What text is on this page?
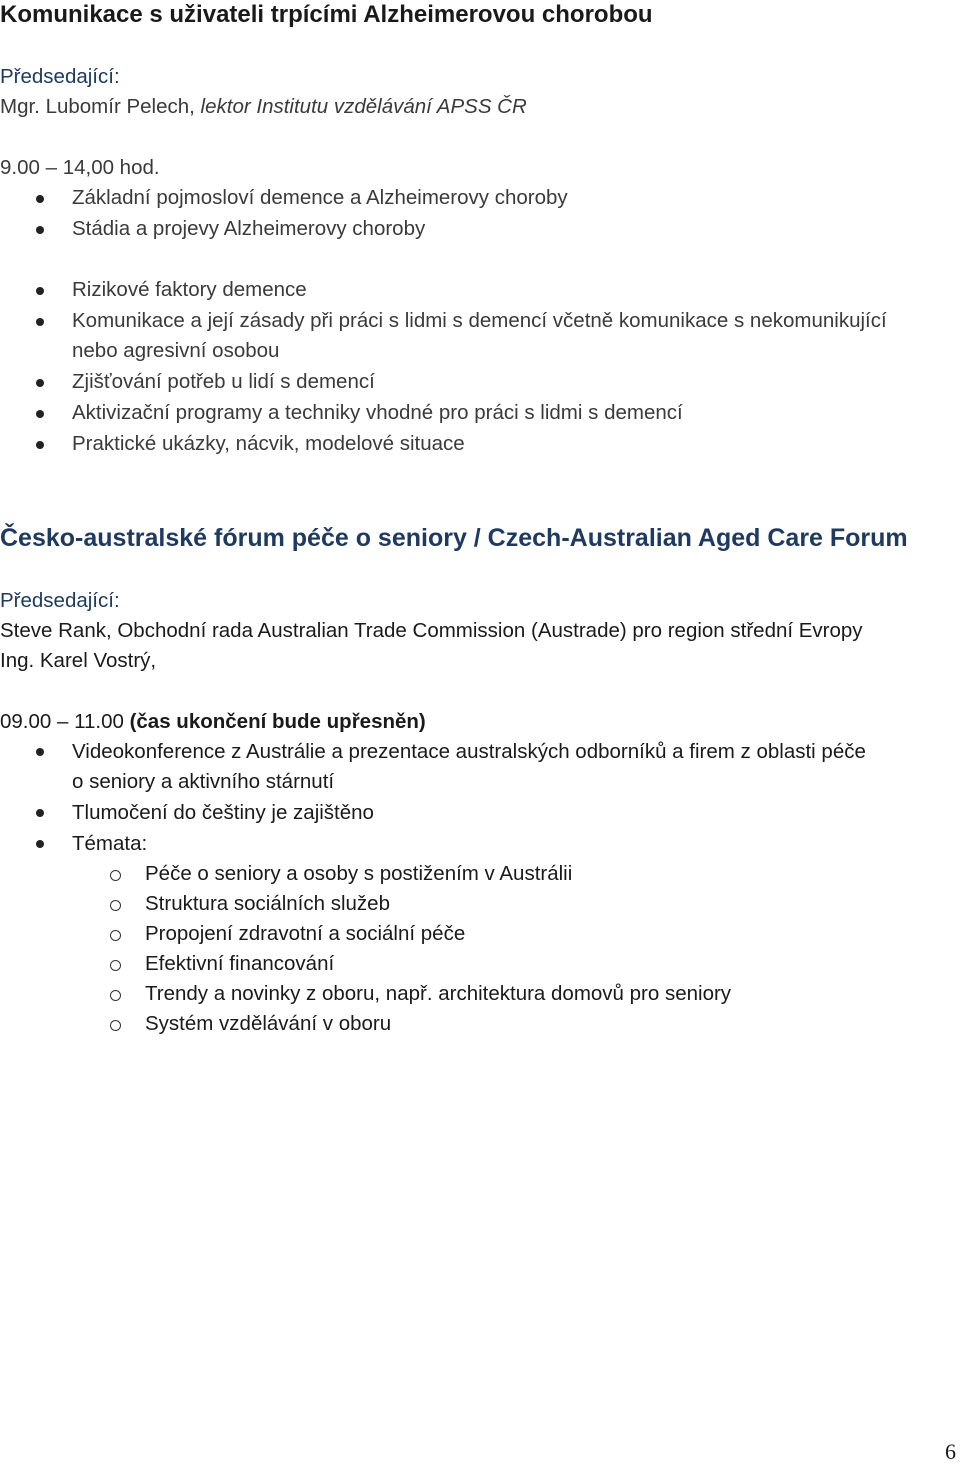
Komunikace s uživateli trpícími Alzheimerovou chorobou
Předsedající:
Mgr. Lubomír Pelech, lektor Institutu vzdělávání APSS ČR
9.00 – 14,00 hod.
Základní pojmosloví demence a Alzheimerovy choroby
Stádia a projevy Alzheimerovy choroby
Rizikové faktory demence
Komunikace a její zásady při práci s lidmi s demencí včetně komunikace s nekomunikující
nebo agresivní osobou
Zjišťování potřeb u lidí s demencí
Aktivizační programy a techniky vhodné pro práci s lidmi s demencí
Praktické ukázky, nácvik, modelové situace
Česko-australské fórum péče o seniory / Czech-Australian Aged Care Forum
Předsedající:
Steve Rank, Obchodní rada Australian Trade Commission (Austrade) pro region střední Evropy
Ing. Karel Vostrý,
09.00 – 11.00 (čas ukončení bude upřesněn)
Videokonference z Austrálie a prezentace australských odborníků a firem z oblasti péče
o seniory a aktivního stárnutí
Tlumočení do češtiny je zajištěno
Témata:
Péče o seniory a osoby s postižením v Austrálii
Struktura sociálních služeb
Propojení zdravotní a sociální péče
Efektivní financování
Trendy a novinky z oboru, např. architektura domovů pro seniory
Systém vzdělávání v oboru
6
